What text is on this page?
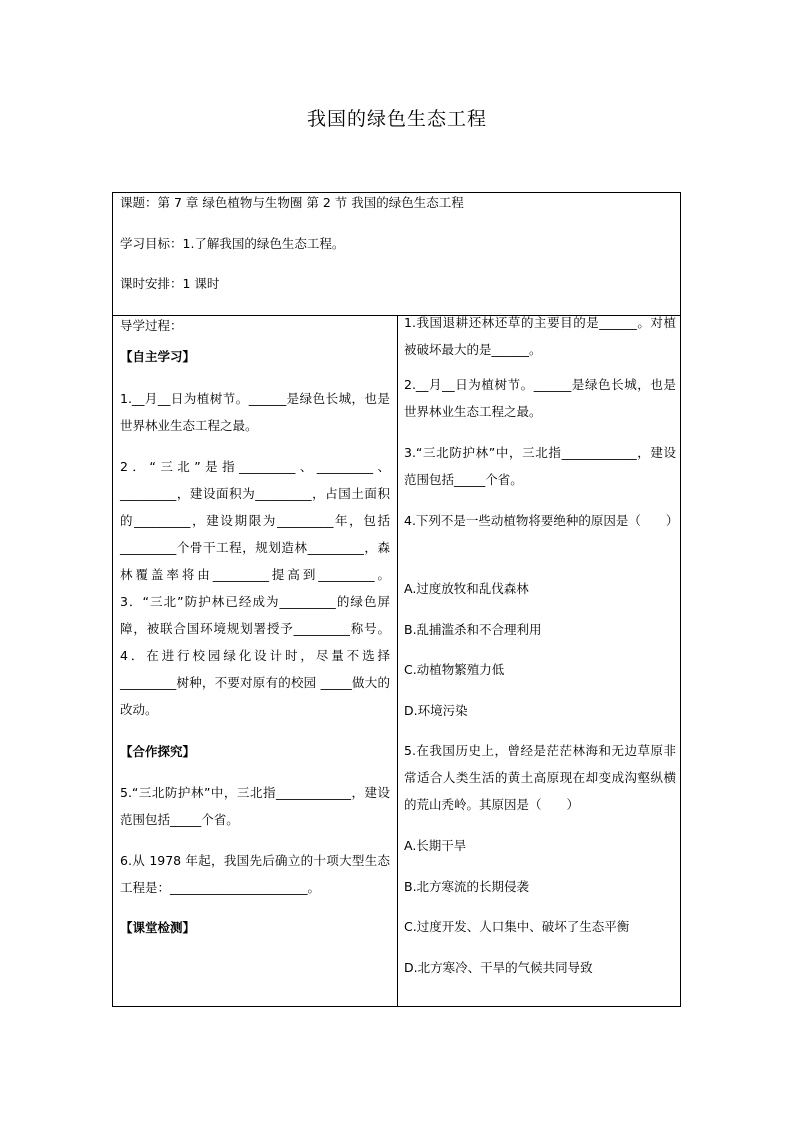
我国的绿色生态工程
课题：第 7 章 绿色植物与生物圈 第 2 节 我国的绿色生态工程
学习目标：1.了解我国的绿色生态工程。
课时安排：1 课时
导学过程：
【自主学习】
1.__月__日为植树节。______是绿色长城，也是世界林业生态工程之最。
2．“三北”是指_________、_________、_________，建设面积为_________，占国土面积的_________，建设期限为_________年，包括_________个骨干工程，规划造林_________，森林覆盖率将由_________提高到_________。3．“三北”防护林已经成为_________的绿色屏障，被联合国环境规划署授予_________称号。4．在进行校园绿化设计时，尽量不选择_________树种，不要对原有的校园 _____做大的改动。
【合作探究】
5.“三北防护林”中，三北指____________，建设范围包括_____个省。
6.从 1978 年起，我国先后确立的十项大型生态工程是：______________________。
【课堂检测】
1.我国退耕还林还草的主要目的是______。对植被破坏最大的是______。
2.__月__日为植树节。______是绿色长城，也是世界林业生态工程之最。
3.“三北防护林”中，三北指____________，建设范围包括_____个省。
4.下列不是一些动植物将要绝种的原因是（　　）
A.过度放牧和乱伐森林
B.乱捕滥杀和不合理利用
C.动植物繁殖力低
D.环境污染
5.在我国历史上，曾经是茫茫林海和无边草原非常适合人类生活的黄土高原现在却变成沟壑纵横的荒山秃岭。其原因是（　　）
A.长期干旱
B.北方寒流的长期侵袭
C.过度开发、人口集中、破坏了生态平衡
D.北方寒冷、干旱的气候共同导致
